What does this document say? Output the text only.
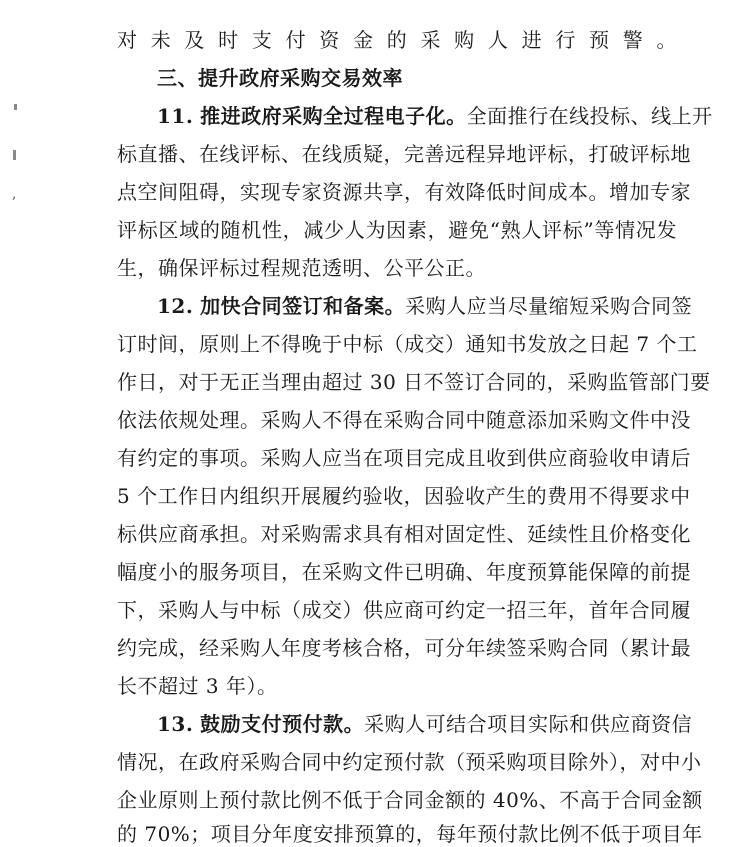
,
对未及时支付资金的采购人进行预警。
三、提升政府采购交易效率
11. 推进政府采购全过程电子化。全面推行在线投标、线上开
标直播、在线评标、在线质疑，完善远程异地评标，打破评标地
点空间阻碍，实现专家资源共享，有效降低时间成本。增加专家
评标区域的随机性，减少人为因素，避免“熟人评标”等情况发
生，确保评标过程规范透明、公平公正。
12. 加快合同签订和备案。采购人应当尽量缩短采购合同签
订时间，原则上不得晚于中标（成交）通知书发放之日起 7 个工
作日，对于无正当理由超过 30 日不签订合同的，采购监管部门要
依法依规处理。采购人不得在采购合同中随意添加采购文件中没
有约定的事项。采购人应当在项目完成且收到供应商验收申请后
5 个工作日内组织开展履约验收，因验收产生的费用不得要求中
标供应商承担。对采购需求具有相对固定性、延续性且价格变化
幅度小的服务项目，在采购文件已明确、年度预算能保障的前提
下，采购人与中标（成交）供应商可约定一招三年，首年合同履
约完成，经采购人年度考核合格，可分年续签采购合同（累计最
长不超过 3 年）。
13. 鼓励支付预付款。采购人可结合项目实际和供应商资信
情况，在政府采购合同中约定预付款（预采购项目除外），对中小
企业原则上预付款比例不低于合同金额的 40%、不高于合同金额
的 70%；项目分年度安排预算的，每年预付款比例不低于项目年
